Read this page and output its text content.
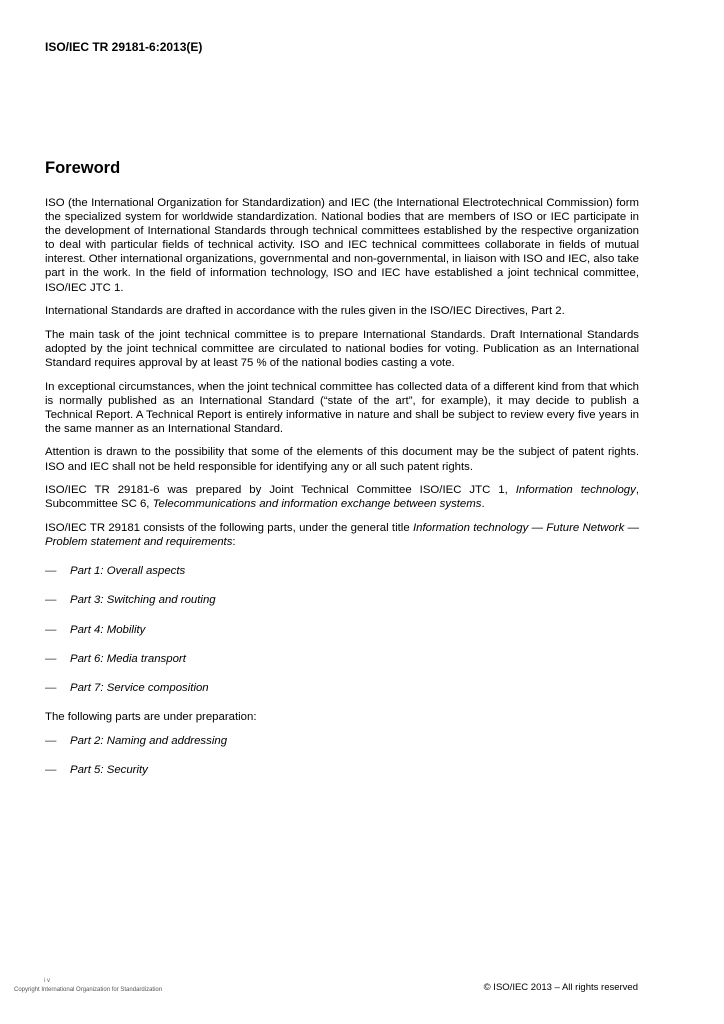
ISO/IEC TR 29181-6:2013(E)
Foreword

ISO (the International Organization for Standardization) and IEC (the International Electrotechnical Commission) form the specialized system for worldwide standardization. National bodies that are members of ISO or IEC participate in the development of International Standards through technical committees established by the respective organization to deal with particular fields of technical activity. ISO and IEC technical committees collaborate in fields of mutual interest. Other international organizations, governmental and non-governmental, in liaison with ISO and IEC, also take part in the work. In the field of information technology, ISO and IEC have established a joint technical committee, ISO/IEC JTC 1.

International Standards are drafted in accordance with the rules given in the ISO/IEC Directives, Part 2.

The main task of the joint technical committee is to prepare International Standards. Draft International Standards adopted by the joint technical committee are circulated to national bodies for voting. Publication as an International Standard requires approval by at least 75 % of the national bodies casting a vote.

In exceptional circumstances, when the joint technical committee has collected data of a different kind from that which is normally published as an International Standard (“state of the art”, for example), it may decide to publish a Technical Report. A Technical Report is entirely informative in nature and shall be subject to review every five years in the same manner as an International Standard.

Attention is drawn to the possibility that some of the elements of this document may be the subject of patent rights. ISO and IEC shall not be held responsible for identifying any or all such patent rights.

ISO/IEC TR 29181-6 was prepared by Joint Technical Committee ISO/IEC JTC 1, Information technology, Subcommittee SC 6, Telecommunications and information exchange between systems.

ISO/IEC TR 29181 consists of the following parts, under the general title Information technology — Future Network — Problem statement and requirements:

—	Part 1: Overall aspects
—	Part 3: Switching and routing
—	Part 4: Mobility
—	Part 6: Media transport
—	Part 7: Service composition

The following parts are under preparation:

—	Part 2: Naming and addressing
—	Part 5: Security
i v
Copyright International Organization for Standardization	© ISO/IEC 2013 – All rights reserved
